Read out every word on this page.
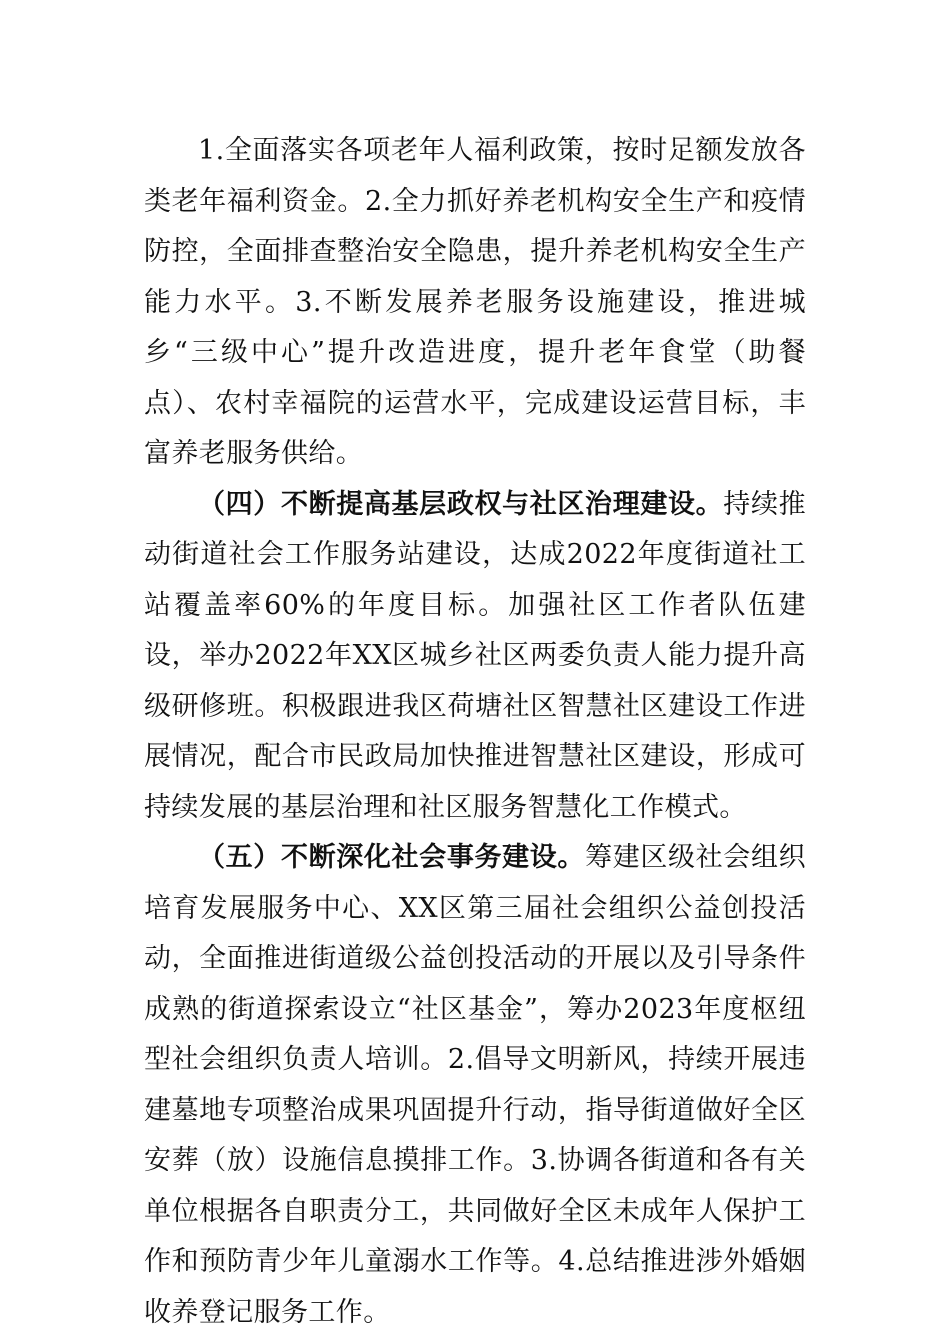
1.全面落实各项老年人福利政策，按时足额发放各类老年福利资金。2.全力抓好养老机构安全生产和疫情防控，全面排查整治安全隐患，提升养老机构安全生产能力水平。3.不断发展养老服务设施建设，推进城乡“三级中心”提升改造进度，提升老年食堂（助餐点）、农村幸福院的运营水平，完成建设运营目标，丰富养老服务供给。

（四）不断提高基层政权与社区治理建设。持续推动街道社会工作服务站建设，达成2022年度街道社工站覆盖率60%的年度目标。加强社区工作者队伍建设，举办2022年XX区城乡社区两委负责人能力提升高级研修班。积极跟进我区荷塘社区智慧社区建设工作进展情况，配合市民政局加快推进智慧社区建设，形成可持续发展的基层治理和社区服务智慧化工作模式。

（五）不断深化社会事务建设。筹建区级社会组织培育发展服务中心、XX区第三届社会组织公益创投活动，全面推进街道级公益创投活动的开展以及引导条件成熟的街道探索设立“社区基金”，筹办2023年度枢纽型社会组织负责人培训。2.倡导文明新风，持续开展违建墓地专项整治成果巩固提升行动，指导街道做好全区安葬（放）设施信息摸排工作。3.协调各街道和各有关单位根据各自职责分工，共同做好全区未成年人保护工作和预防青少年儿童溺水工作等。4.总结推进涉外婚姻收养登记服务工作。
